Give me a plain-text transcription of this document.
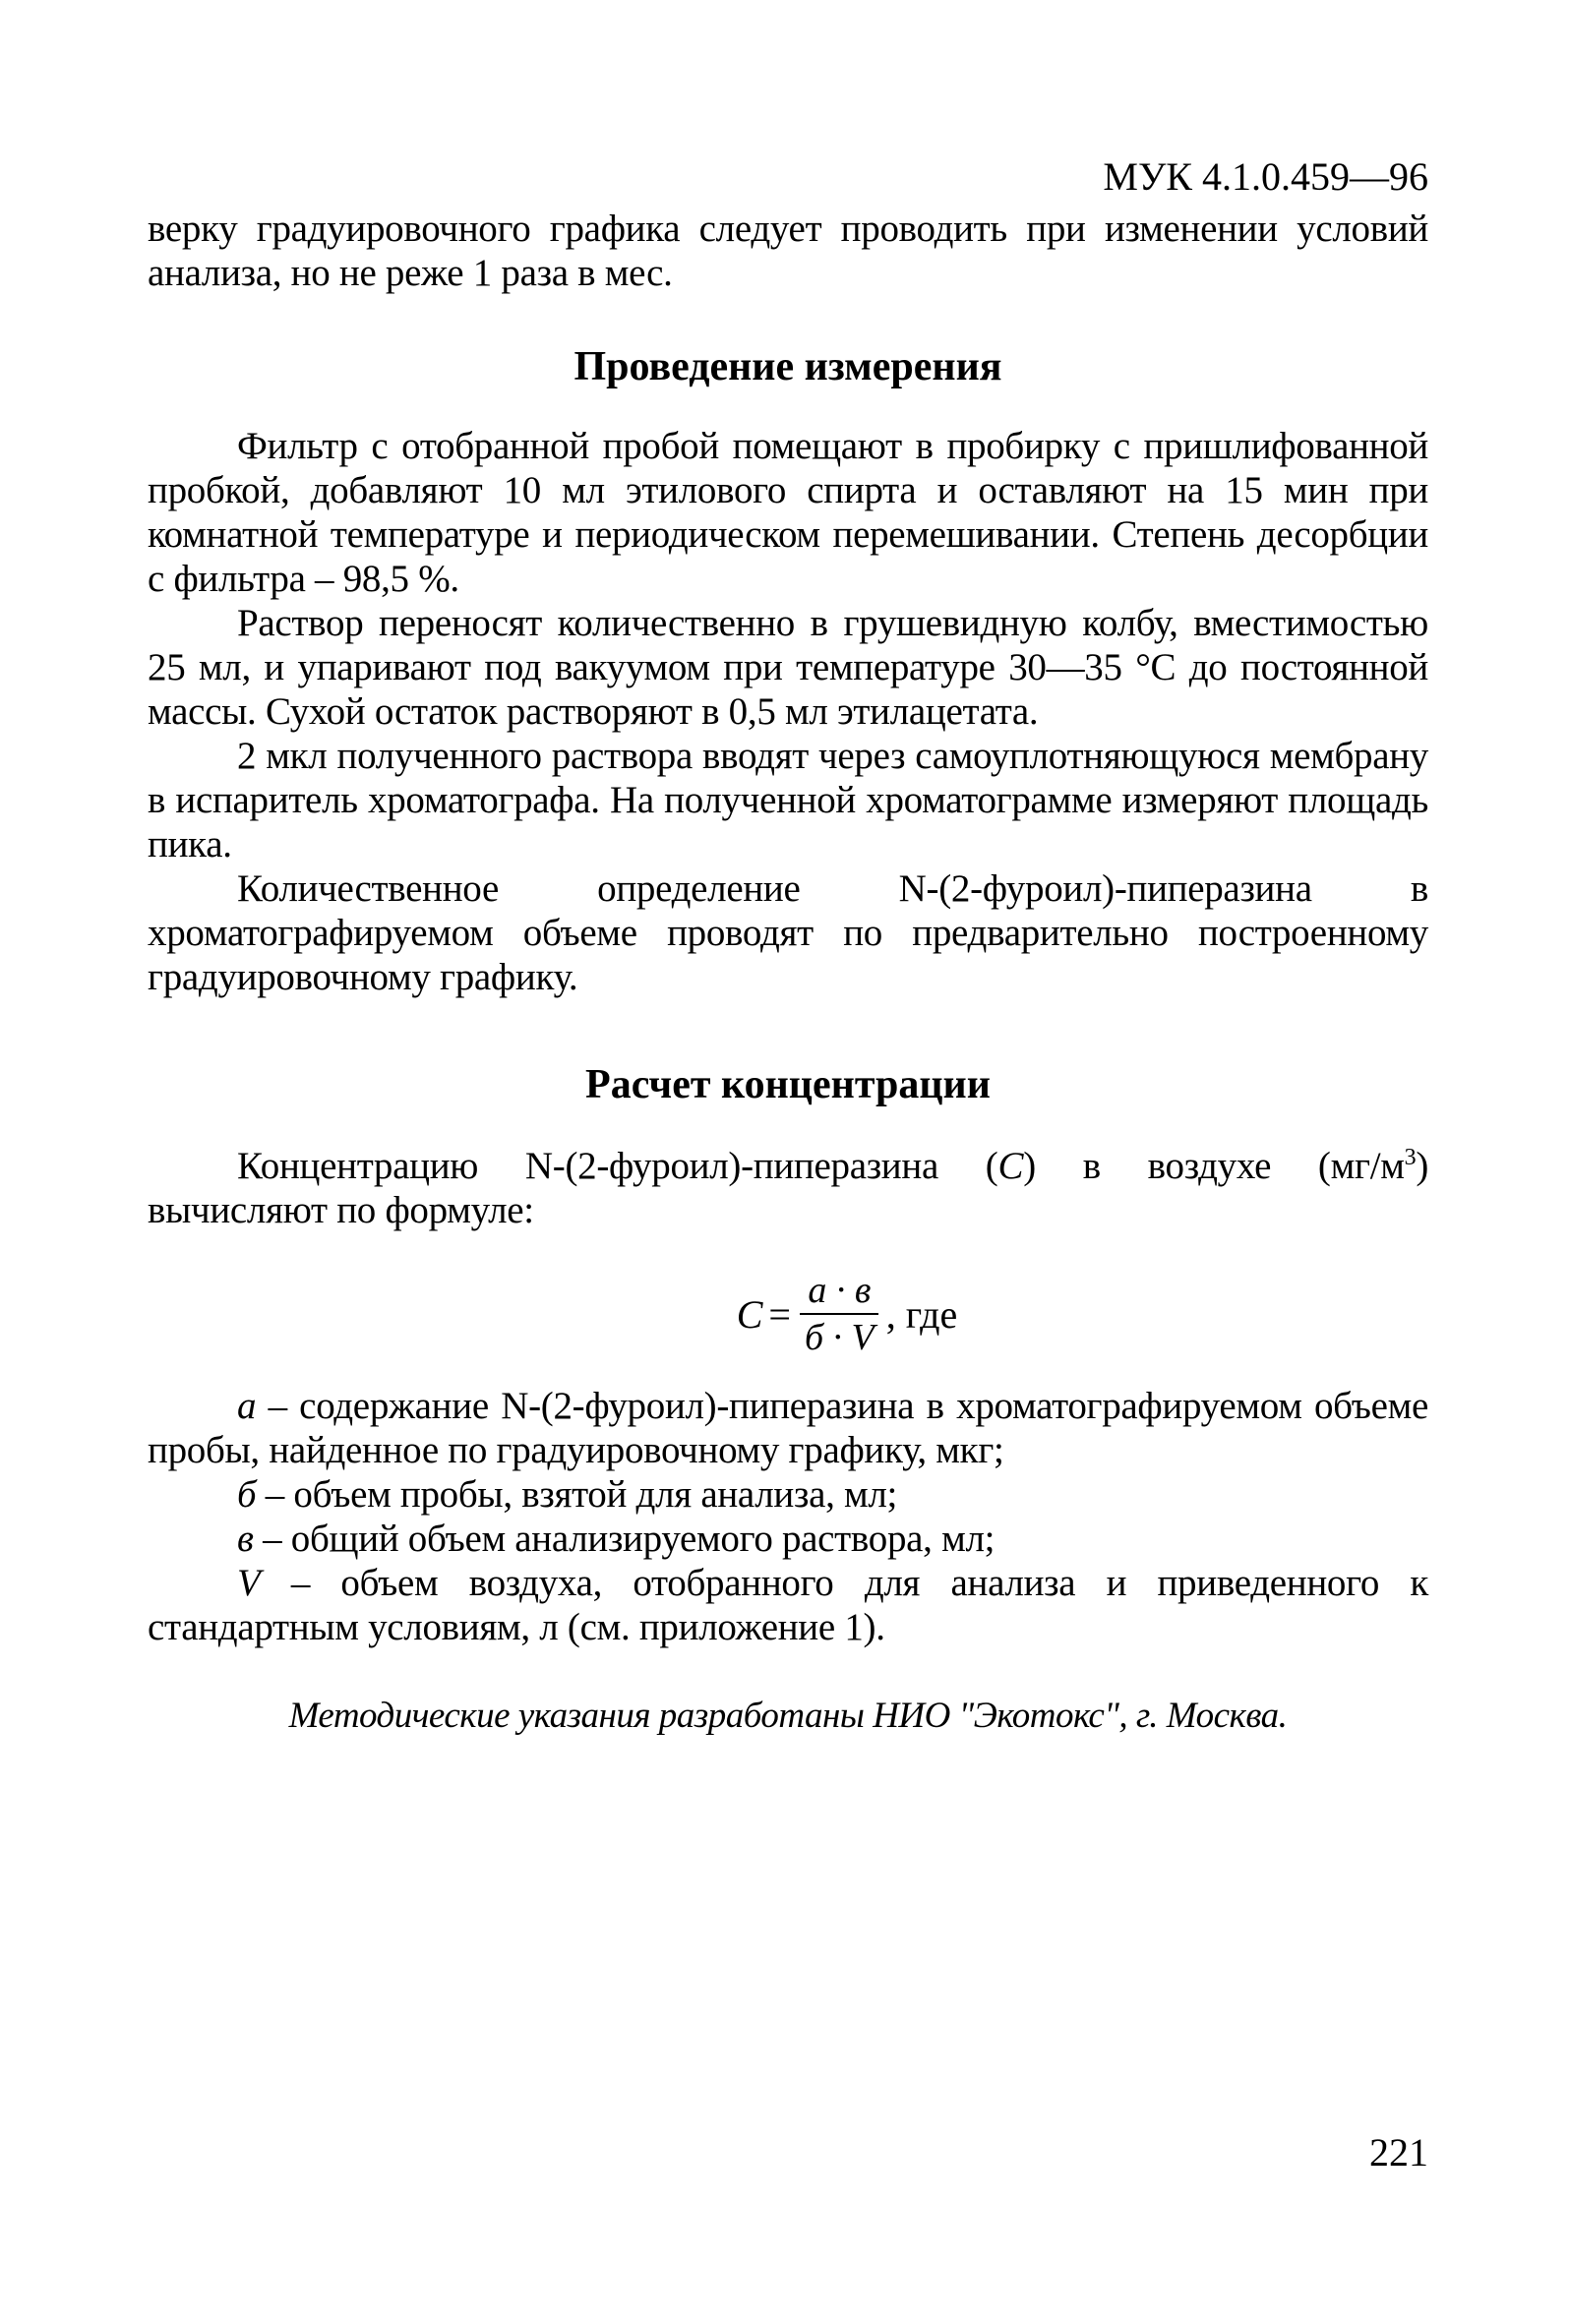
МУК 4.1.0.459—96

верку градуировочного графика следует проводить при изменении условий анализа, но не реже 1 раза в мес.

Проведение измерения

Фильтр с отобранной пробой помещают в пробирку с пришлифованной пробкой, добавляют 10 мл этилового спирта и оставляют на 15 мин при комнатной температуре и периодическом перемешивании. Степень десорбции с фильтра – 98,5 %.

Раствор переносят количественно в грушевидную колбу, вместимостью 25 мл, и упаривают под вакуумом при температуре 30—35 °С до постоянной массы. Сухой остаток растворяют в 0,5 мл этилацетата.

2 мкл полученного раствора вводят через самоуплотняющуюся мембрану в испаритель хроматографа. На полученной хроматограмме измеряют площадь пика.

Количественное определение N-(2-фуроил)-пиперазина в хроматографируемом объеме проводят по предварительно построенному градуировочному графику.

Расчет концентрации

Концентрацию N-(2-фуроил)-пиперазина (С) в воздухе $(мг/м^3)$ вычисляют по формуле:

$С = \frac{а \cdot в}{б \cdot V}$ , где

а – содержание N-(2-фуроил)-пиперазина в хроматографируемом объеме пробы, найденное по градуировочному графику, мкг;

б – объем пробы, взятой для анализа, мл;

в – общий объем анализируемого раствора, мл;

V – объем воздуха, отобранного для анализа и приведенного к стандартным условиям, л (см. приложение 1).

Методические указания разработаны НИО "Экотокс", г. Москва.
221
